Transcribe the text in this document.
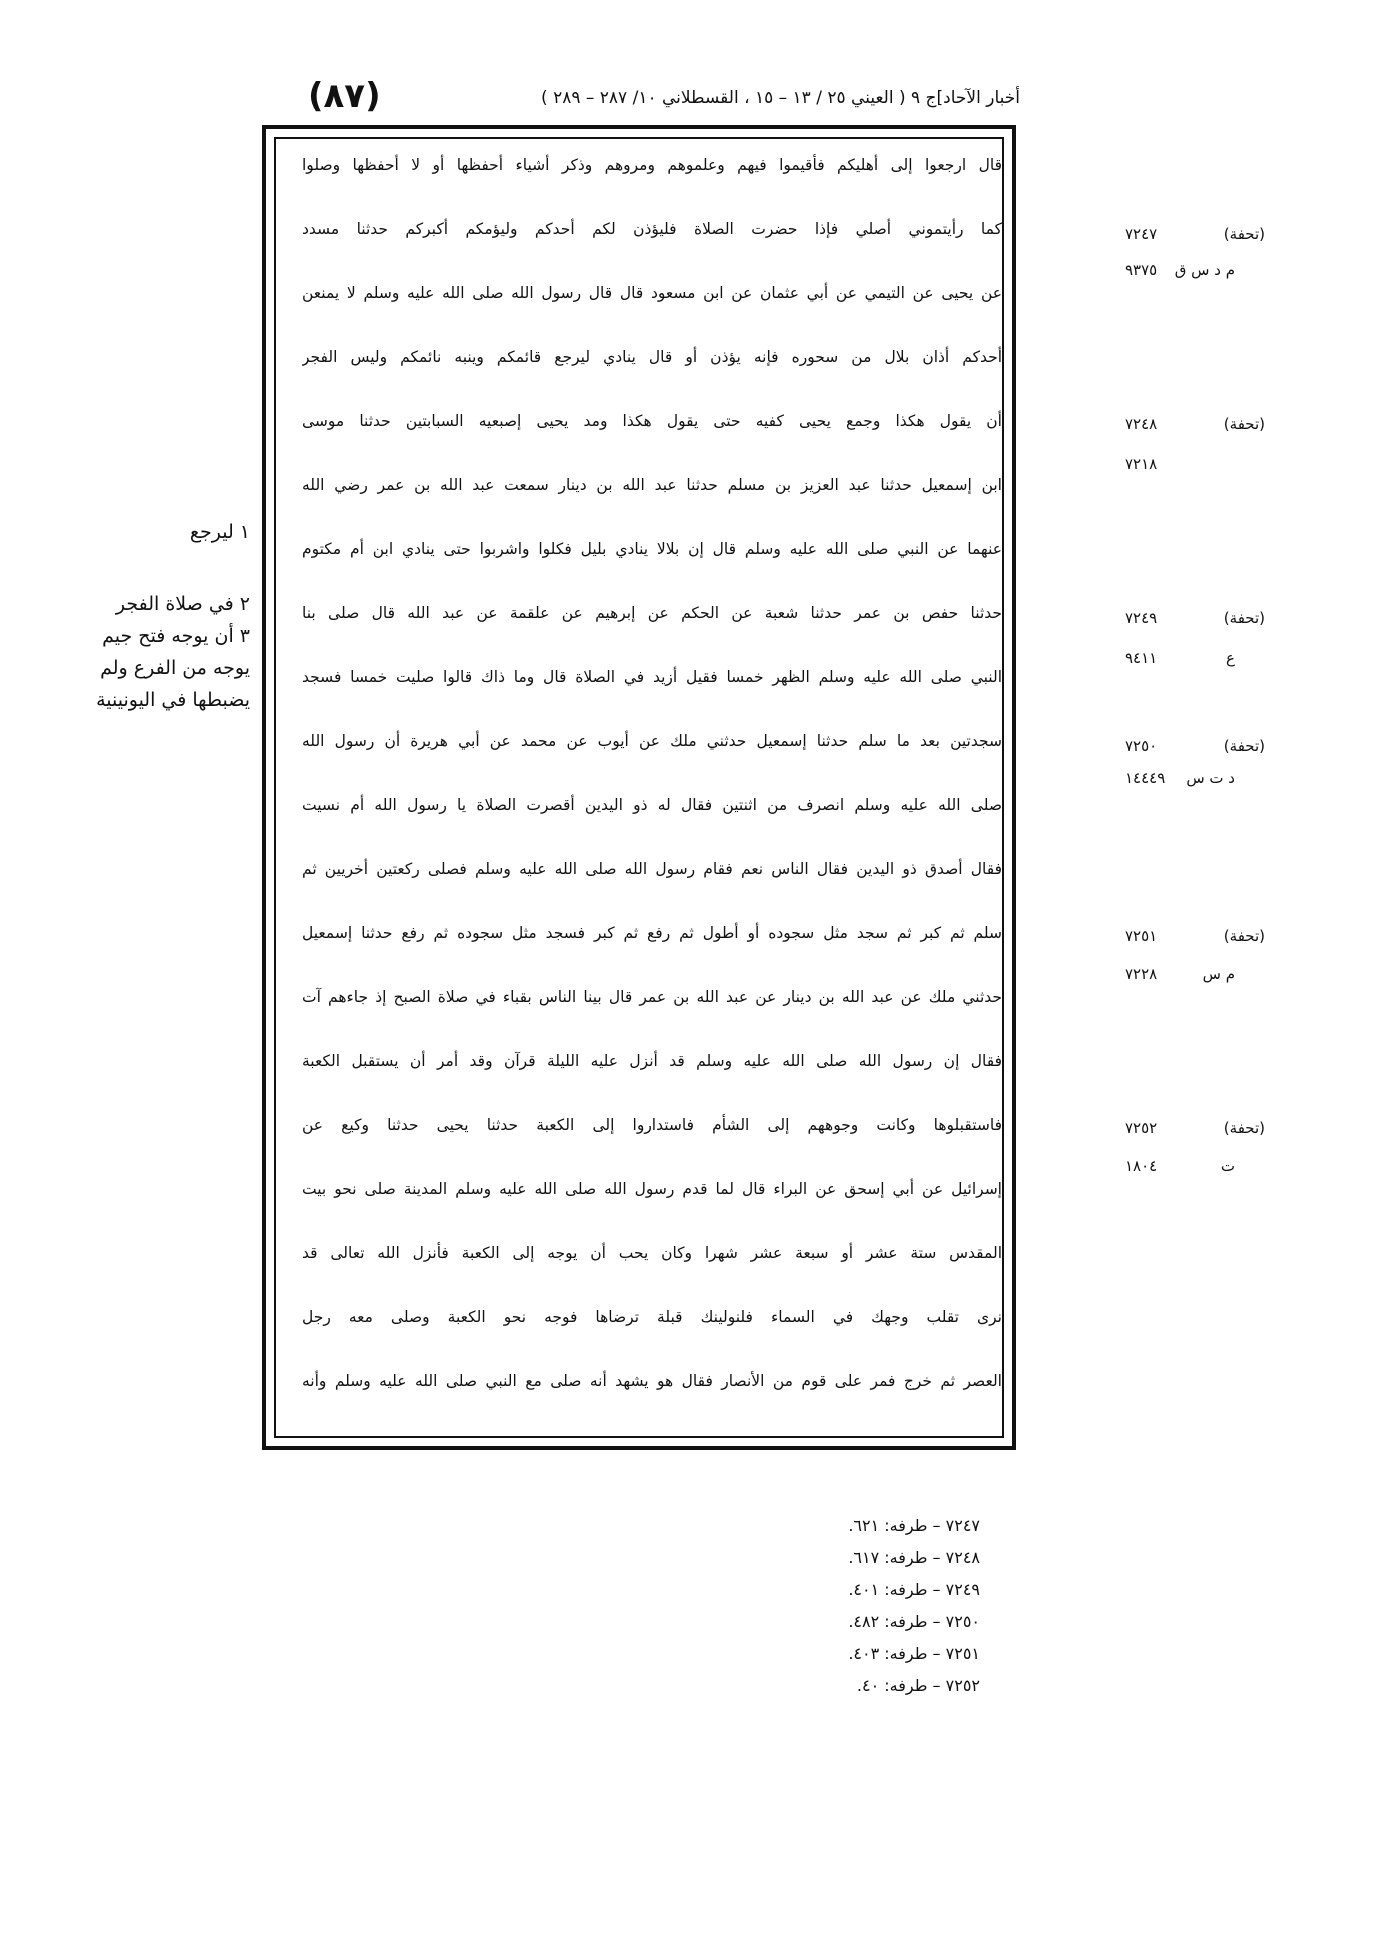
(٨٧)	أخبار الآحاد]ج ٩ ( العيني ٢٥ / ١٣ – ١٥ ، القسطلاني ١٠/ ٢٨٧ – ٢٨٩ )
قال ارجعوا إلى أهليكم فأقيموا فيهم وعلموهم ومروهم وذكر أشياء أحفظها أو لا أحفظها وصلوا
كما رأيتموني أصلي فإذا حضرت الصلاة فليؤذن لكم أحدكم وليؤمكم أكبركم حدثنا مسدد
عن يحيى عن التيمي عن أبي عثمان عن ابن مسعود قال قال رسول الله صلى الله عليه وسلم لا يمنعن
أحدكم أذان بلال من سحوره فإنه يؤذن أو قال ينادي ليرجع قائمكم وينبه نائمكم وليس الفجر
أن يقول هكذا وجمع يحيى كفيه حتى يقول هكذا ومد يحيى إصبعيه السبابتين حدثنا موسى
ابن إسمعيل حدثنا عبد العزيز بن مسلم حدثنا عبد الله بن دينار سمعت عبد الله بن عمر رضي الله
عنهما عن النبي صلى الله عليه وسلم قال إن بلالا ينادي بليل فكلوا واشربوا حتى ينادي ابن أم مكتوم
حدثنا حفص بن عمر حدثنا شعبة عن الحكم عن إبرهيم عن علقمة عن عبد الله قال صلى بنا
النبي صلى الله عليه وسلم الظهر خمسا فقيل أزيد في الصلاة قال وما ذاك قالوا صليت خمسا فسجد
سجدتين بعد ما سلم حدثنا إسمعيل حدثني ملك عن أيوب عن محمد عن أبي هريرة أن رسول الله
صلى الله عليه وسلم انصرف من اثنتين فقال له ذو اليدين أقصرت الصلاة يا رسول الله أم نسيت
فقال أصدق ذو اليدين فقال الناس نعم فقام رسول الله صلى الله عليه وسلم فصلى ركعتين أخريين ثم
سلم ثم كبر ثم سجد مثل سجوده أو أطول ثم رفع ثم كبر فسجد مثل سجوده ثم رفع حدثنا إسمعيل
حدثني ملك عن عبد الله بن دينار عن عبد الله بن عمر قال بينا الناس بقباء في صلاة الصبح إذ جاءهم آت
فقال إن رسول الله صلى الله عليه وسلم قد أنزل عليه الليلة قرآن وقد أمر أن يستقبل الكعبة
فاستقبلوها وكانت وجوههم إلى الشأم فاستداروا إلى الكعبة حدثنا يحيى حدثنا وكيع عن
إسرائيل عن أبي إسحق عن البراء قال لما قدم رسول الله صلى الله عليه وسلم المدينة صلى نحو بيت
المقدس ستة عشر أو سبعة عشر شهرا وكان يحب أن يوجه إلى الكعبة فأنزل الله تعالى قد
نرى تقلب وجهك في السماء فلنولينك قبلة ترضاها فوجه نحو الكعبة وصلى معه رجل
العصر ثم خرج فمر على قوم من الأنصار فقال هو يشهد أنه صلى مع النبي صلى الله عليه وسلم وأنه
(تحفة)
٧٢٤٧
م د س ق
٩٣٧٥
(تحفة)
٧٢٤٨
٧٢١٨
(تحفة)
٧٢٤٩
ع
٩٤١١
(تحفة)
٧٢٥٠
د ت س
١٤٤٤٩
(تحفة)
٧٢٥١
م س
٧٢٢٨
(تحفة)
٧٢٥٢
ت
١٨٠٤
١ ليرجع
٢ في صلاة الفجر
٣ أن يوجه فتح جيم
يوجه من الفرع ولم
يضبطها في اليونينية
٧٢٤٧ – طرفه: ٦٢١.
٧٢٤٨ – طرفه: ٦١٧.
٧٢٤٩ – طرفه: ٤٠١.
٧٢٥٠ – طرفه: ٤٨٢.
٧٢٥١ – طرفه: ٤٠٣.
٧٢٥٢ – طرفه: ٤٠.
